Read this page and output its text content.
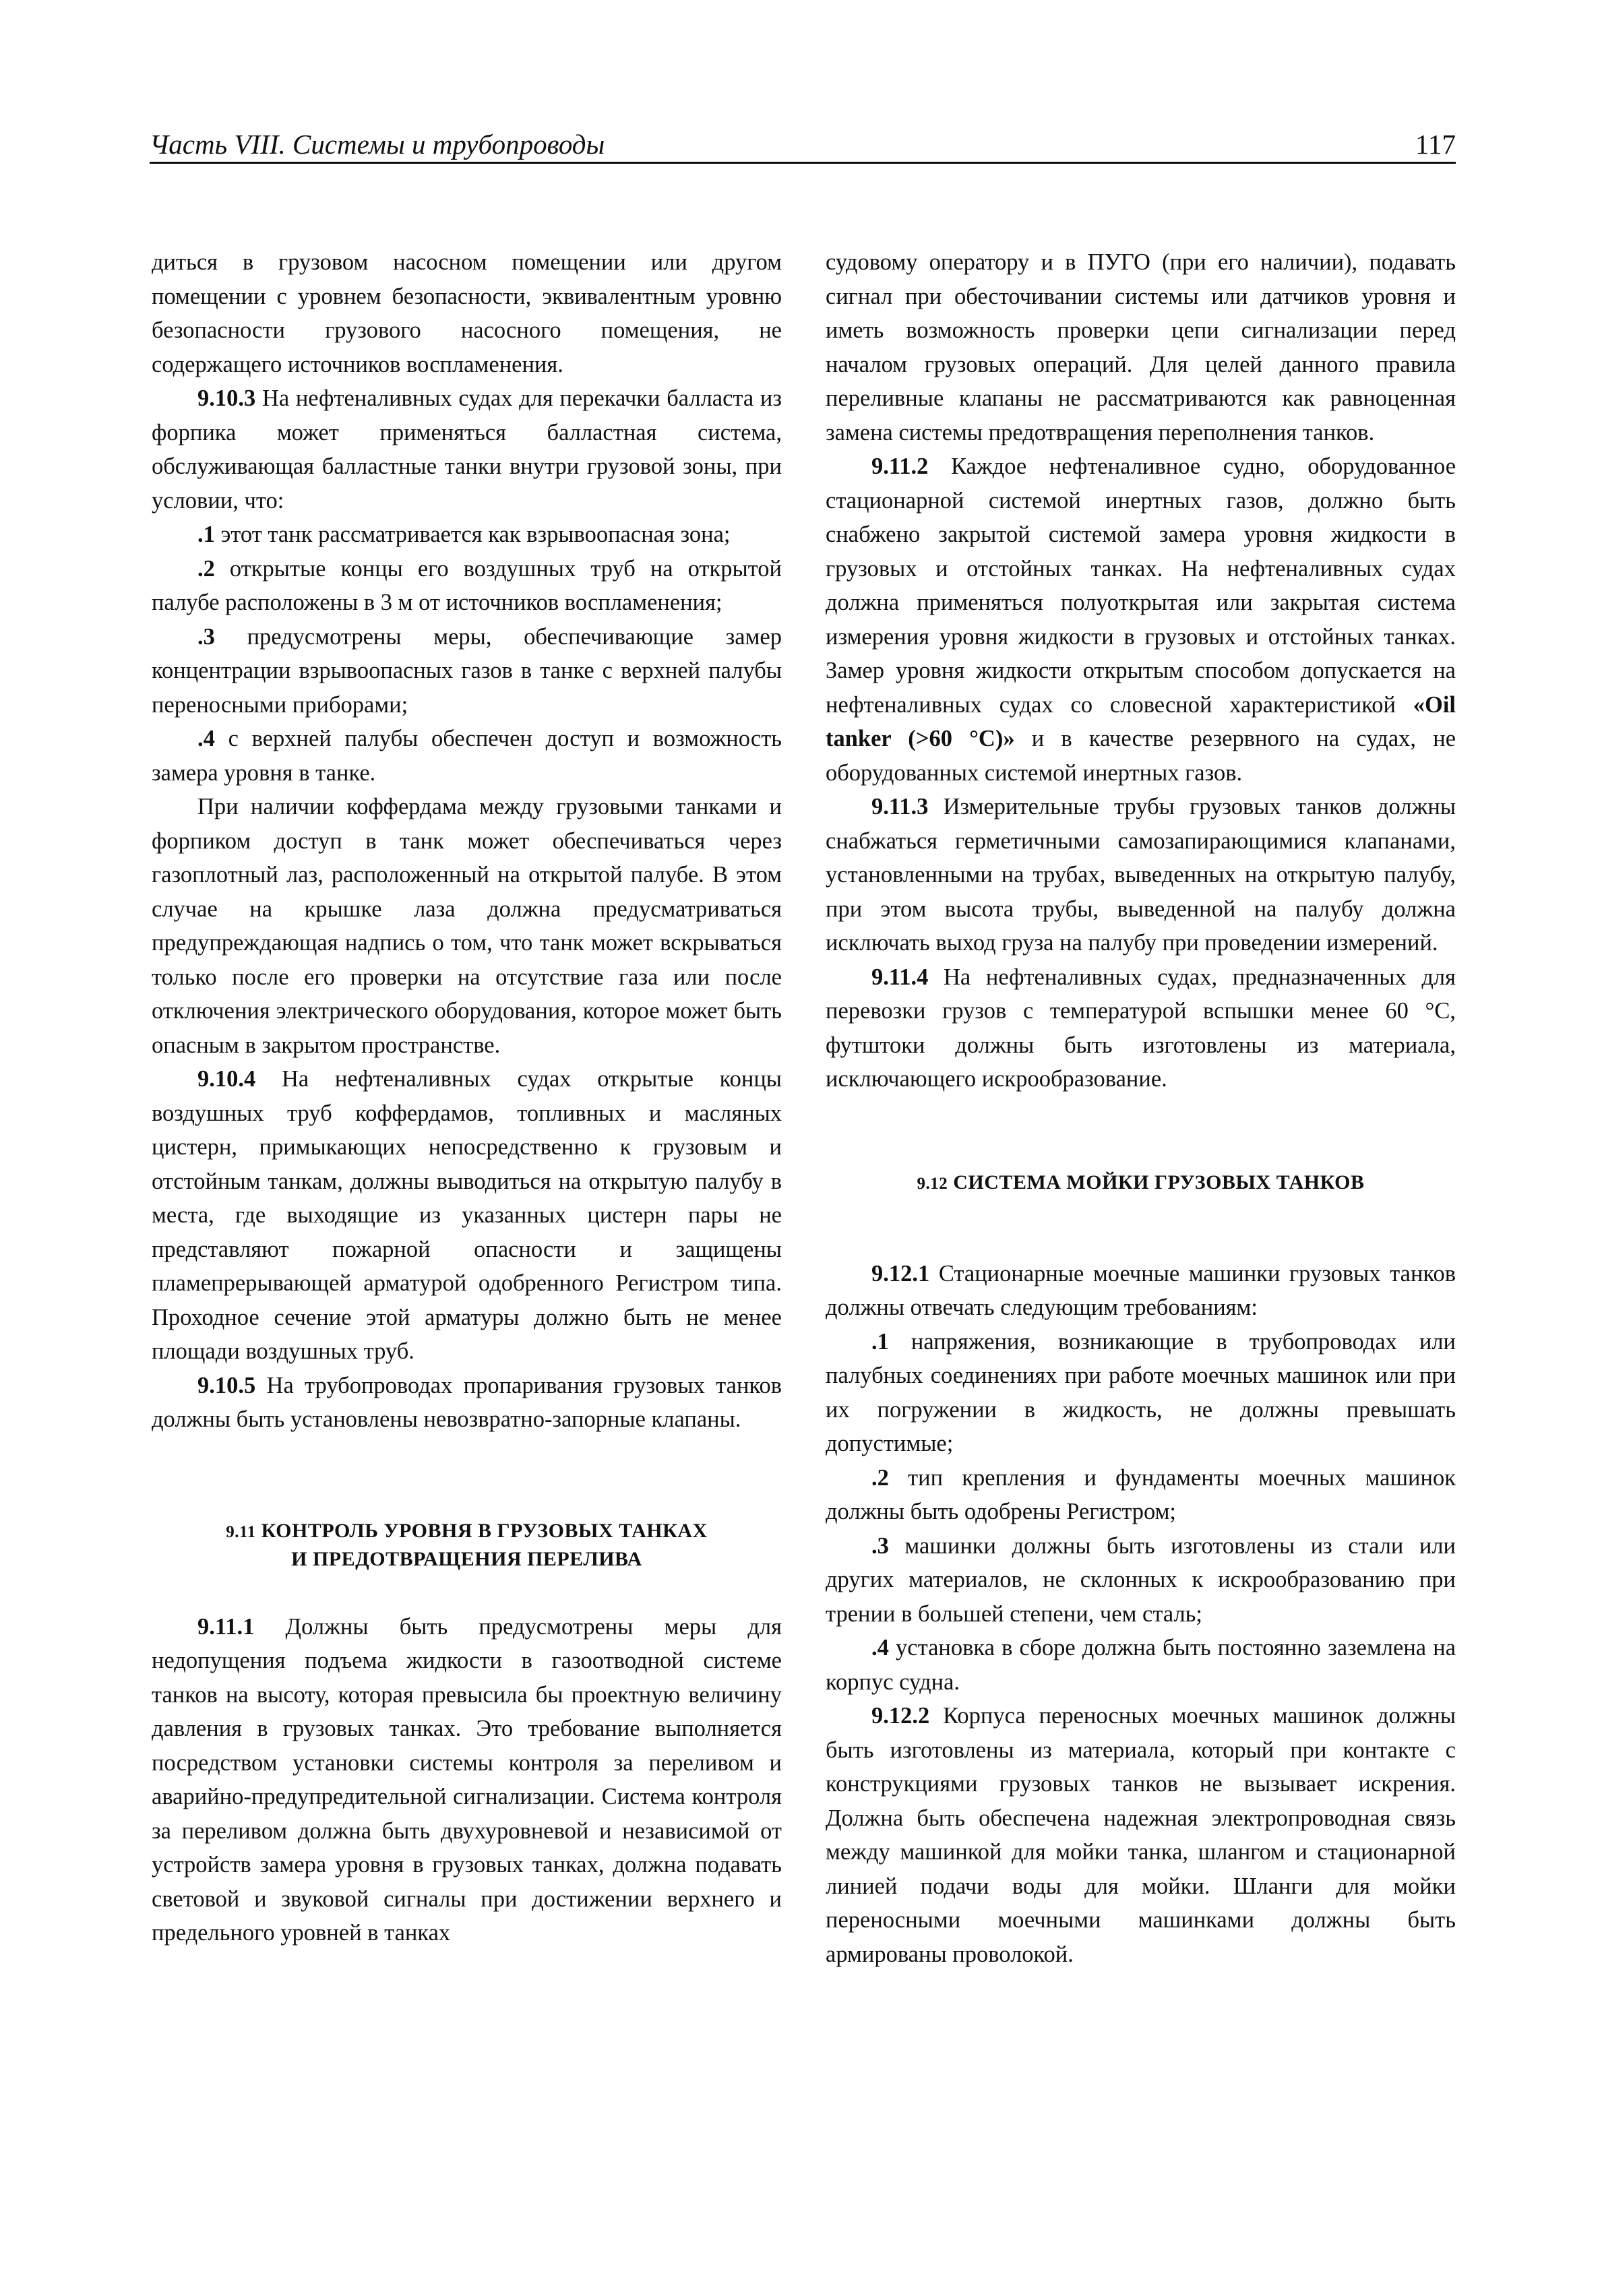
Часть VIII. Системы и трубопроводы	117

диться в грузовом насосном помещении или другом помещении с уровнем безопасности, эквивалентным уровню безопасности грузового насосного помещения, не содержащего источников воспламенения.

9.10.3 На нефтеналивных судах для перекачки балласта из форпика может применяться балластная система, обслуживающая балластные танки внутри грузовой зоны, при условии, что:

.1 этот танк рассматривается как взрывоопасная зона;

.2 открытые концы его воздушных труб на открытой палубе расположены в 3 м от источников воспламенения;

.3 предусмотрены меры, обеспечивающие замер концентрации взрывоопасных газов в танке с верхней палубы переносными приборами;

.4 с верхней палубы обеспечен доступ и возможность замера уровня в танке.

При наличии коффердама между грузовыми танками и форпиком доступ в танк может обеспечиваться через газоплотный лаз, расположенный на открытой палубе. В этом случае на крышке лаза должна предусматриваться предупреждающая надпись о том, что танк может вскрываться только после его проверки на отсутствие газа или после отключения электрического оборудования, которое может быть опасным в закрытом пространстве.

9.10.4 На нефтеналивных судах открытые концы воздушных труб коффердамов, топливных и масляных цистерн, примыкающих непосредственно к грузовым и отстойным танкам, должны выводиться на открытую палубу в места, где выходящие из указанных цистерн пары не представляют пожарной опасности и защищены пламепрерывающей арматурой одобренного Регистром типа. Проходное сечение этой арматуры должно быть не менее площади воздушных труб.

9.10.5 На трубопроводах пропаривания грузовых танков должны быть установлены невозвратно-запорные клапаны.

9.11 КОНТРОЛЬ УРОВНЯ В ГРУЗОВЫХ ТАНКАХ
И ПРЕДОТВРАЩЕНИЯ ПЕРЕЛИВА

9.11.1 Должны быть предусмотрены меры для недопущения подъема жидкости в газоотводной системе танков на высоту, которая превысила бы проектную величину давления в грузовых танках. Это требование выполняется посредством установки системы контроля за переливом и аварийно-предупредительной сигнализации. Система контроля за переливом должна быть двухуровневой и независимой от устройств замера уровня в грузовых танках, должна подавать световой и звуковой сигналы при достижении верхнего и предельного уровней в танках

судовому оператору и в ПУГО (при его наличии), подавать сигнал при обесточивании системы или датчиков уровня и иметь возможность проверки цепи сигнализации перед началом грузовых операций. Для целей данного правила переливные клапаны не рассматриваются как равноценная замена системы предотвращения переполнения танков.

9.11.2 Каждое нефтеналивное судно, оборудованное стационарной системой инертных газов, должно быть снабжено закрытой системой замера уровня жидкости в грузовых и отстойных танках. На нефтеналивных судах должна применяться полуоткрытая или закрытая система измерения уровня жидкости в грузовых и отстойных танках. Замер уровня жидкости открытым способом допускается на нефтеналивных судах со словесной характеристикой «Oil tanker (>60 °C)» и в качестве резервного на судах, не оборудованных системой инертных газов.

9.11.3 Измерительные трубы грузовых танков должны снабжаться герметичными самозапирающимися клапанами, установленными на трубах, выведенных на открытую палубу, при этом высота трубы, выведенной на палубу должна исключать выход груза на палубу при проведении измерений.

9.11.4 На нефтеналивных судах, предназначенных для перевозки грузов с температурой вспышки менее 60 °C, футштоки должны быть изготовлены из материала, исключающего искрообразование.

9.12 СИСТЕМА МОЙКИ ГРУЗОВЫХ ТАНКОВ

9.12.1 Стационарные моечные машинки грузовых танков должны отвечать следующим требованиям:

.1 напряжения, возникающие в трубопроводах или палубных соединениях при работе моечных машинок или при их погружении в жидкость, не должны превышать допустимые;

.2 тип крепления и фундаменты моечных машинок должны быть одобрены Регистром;

.3 машинки должны быть изготовлены из стали или других материалов, не склонных к искрообразованию при трении в большей степени, чем сталь;

.4 установка в сборе должна быть постоянно заземлена на корпус судна.

9.12.2 Корпуса переносных моечных машинок должны быть изготовлены из материала, который при контакте с конструкциями грузовых танков не вызывает искрения. Должна быть обеспечена надежная электропроводная связь между машинкой для мойки танка, шлангом и стационарной линией подачи воды для мойки. Шланги для мойки переносными моечными машинками должны быть армированы проволокой.
